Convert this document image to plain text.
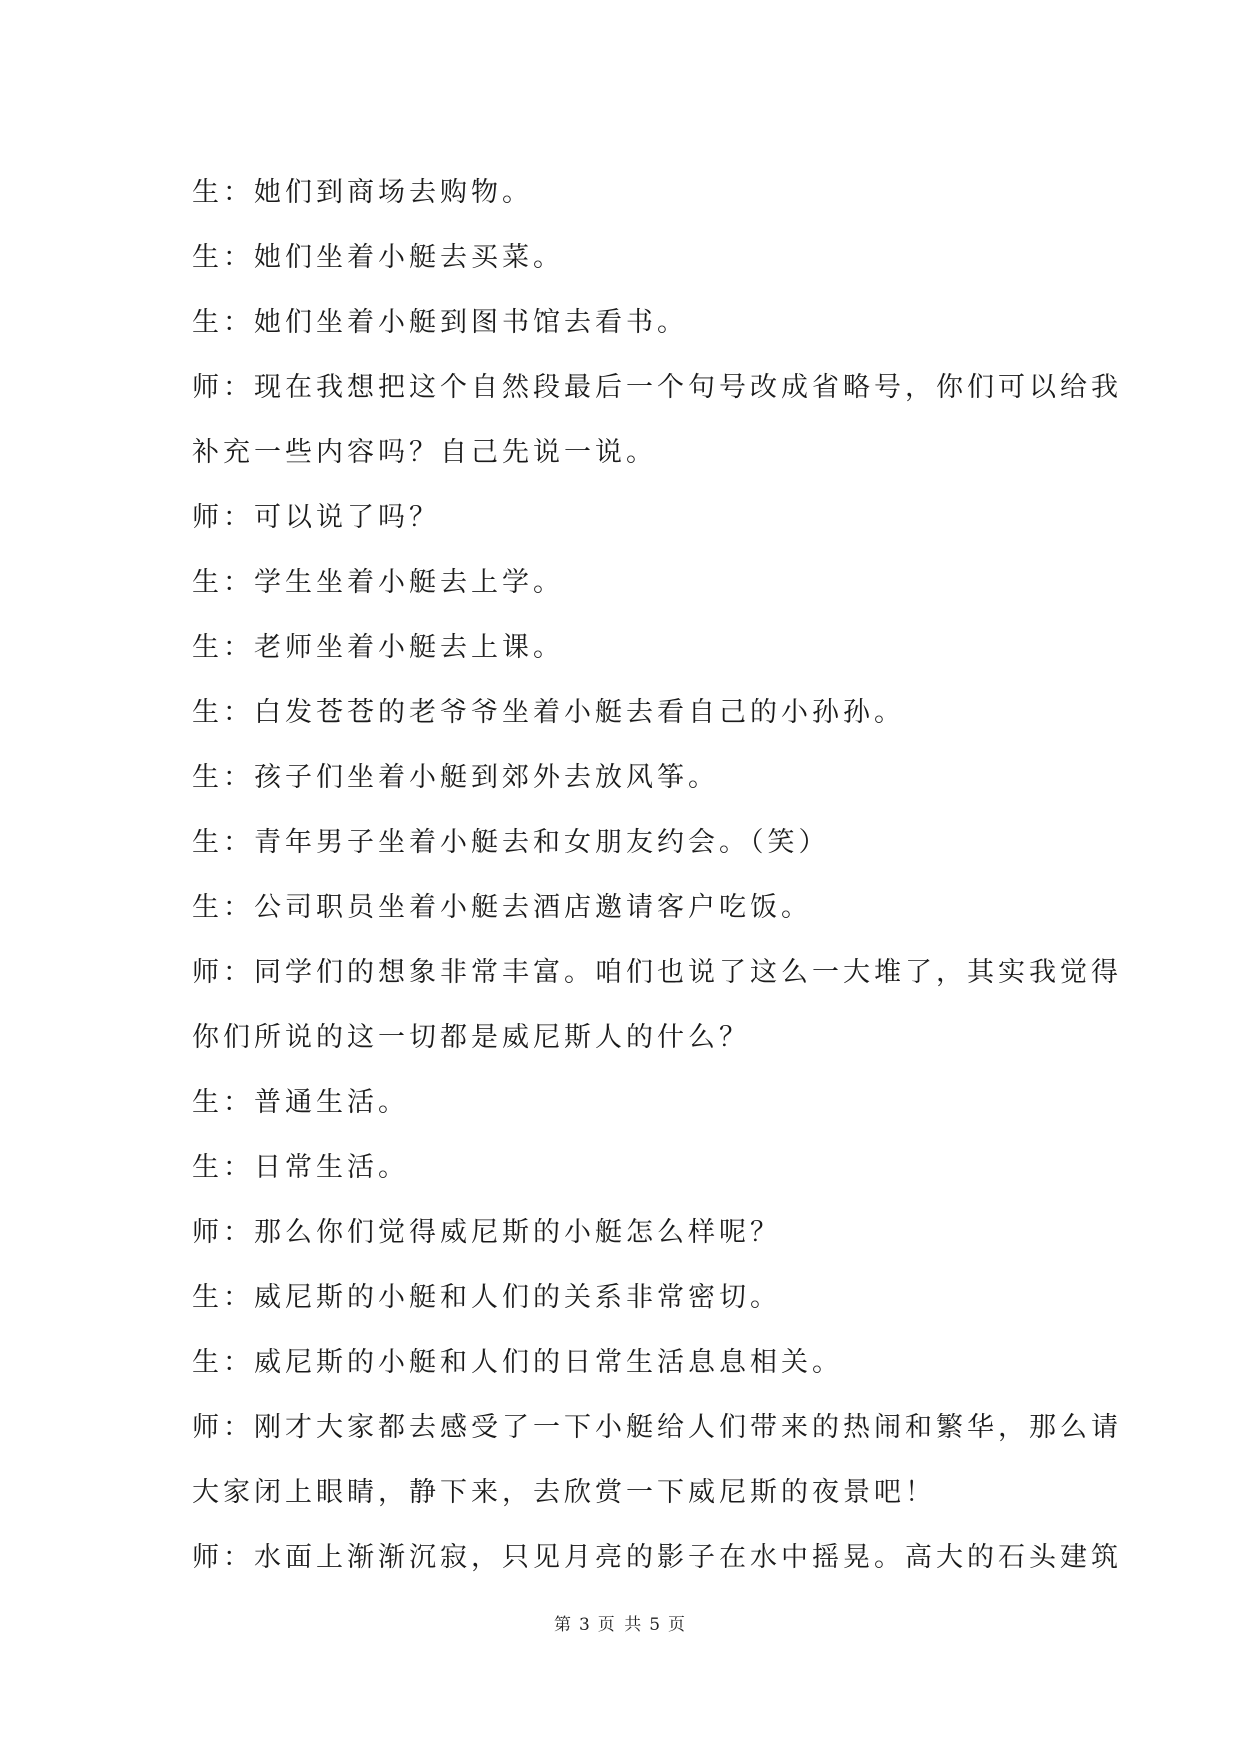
生：她们到商场去购物。
生：她们坐着小艇去买菜。
生：她们坐着小艇到图书馆去看书。
师：现在我想把这个自然段最后一个句号改成省略号，你们可以给我
补充一些内容吗？自己先说一说。
师：可以说了吗？
生：学生坐着小艇去上学。
生：老师坐着小艇去上课。
生：白发苍苍的老爷爷坐着小艇去看自己的小孙孙。
生：孩子们坐着小艇到郊外去放风筝。
生：青年男子坐着小艇去和女朋友约会。（笑）
生：公司职员坐着小艇去酒店邀请客户吃饭。
师：同学们的想象非常丰富。咱们也说了这么一大堆了，其实我觉得
你们所说的这一切都是威尼斯人的什么？
生：普通生活。
生：日常生活。
师：那么你们觉得威尼斯的小艇怎么样呢？
生：威尼斯的小艇和人们的关系非常密切。
生：威尼斯的小艇和人们的日常生活息息相关。
师：刚才大家都去感受了一下小艇给人们带来的热闹和繁华，那么请
大家闭上眼睛，静下来，去欣赏一下威尼斯的夜景吧！
师：水面上渐渐沉寂，只见月亮的影子在水中摇晃。高大的石头建筑
第 3 页 共 5 页
